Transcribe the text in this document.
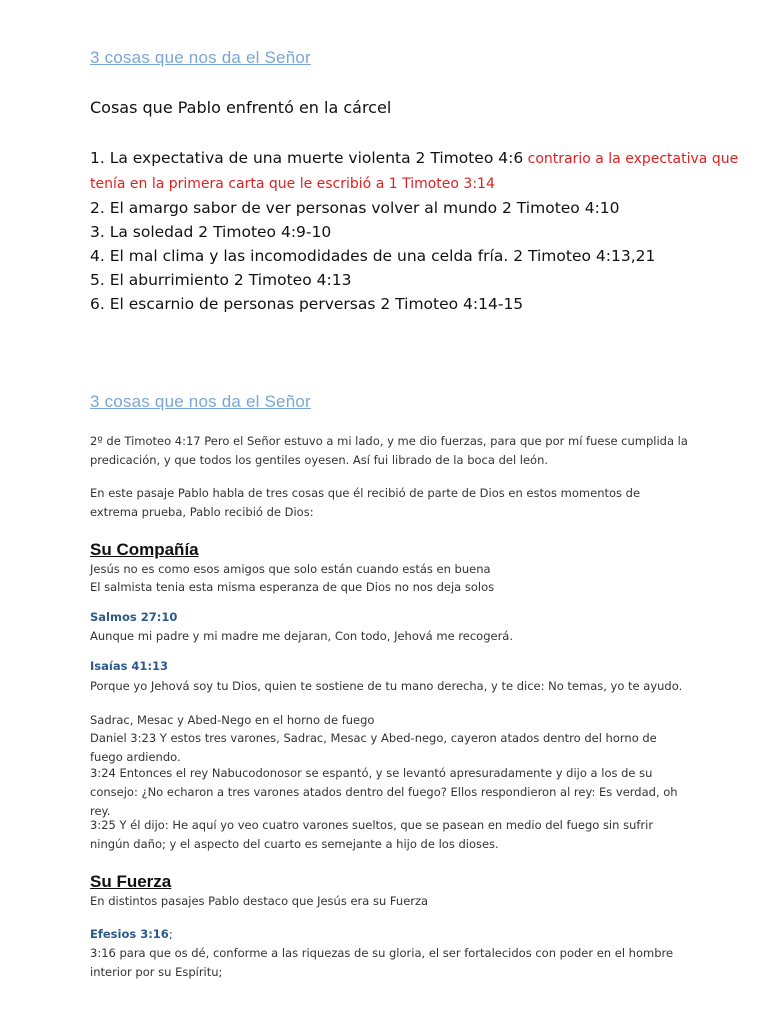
3 cosas que nos da el Señor
Cosas que Pablo enfrentó en la cárcel
1. La expectativa de una muerte violenta 2 Timoteo 4:6 contrario a la expectativa que tenía en la primera carta que le escribió a 1 Timoteo 3:14
2. El amargo sabor de ver personas volver al mundo 2 Timoteo 4:10
3. La soledad 2 Timoteo 4:9-10
4. El mal clima y las incomodidades de una celda fría. 2 Timoteo 4:13,21
5. El aburrimiento 2 Timoteo 4:13
6. El escarnio de personas perversas 2 Timoteo 4:14-15
3 cosas que nos da el Señor
2º de Timoteo 4:17 Pero el Señor estuvo a mi lado, y me dio fuerzas, para que por mí fuese cumplida la predicación, y que todos los gentiles oyesen. Así fui librado de la boca del león.
En este pasaje Pablo habla de tres cosas que él recibió de parte de Dios en estos momentos de extrema prueba, Pablo recibió de Dios:
Su Compañía
Jesús no es como esos amigos que solo están cuando estás en buena
El salmista tenia esta misma esperanza de que Dios no nos deja solos
Salmos 27:10
Aunque mi padre y mi madre me dejaran, Con todo, Jehová me recogerá.
Isaías 41:13
Porque yo Jehová soy tu Dios, quien te sostiene de tu mano derecha, y te dice: No temas, yo te ayudo.
Sadrac, Mesac y Abed-Nego en el horno de fuego
Daniel 3:23 Y estos tres varones, Sadrac, Mesac y Abed-nego, cayeron atados dentro del horno de fuego ardiendo.
3:24 Entonces el rey Nabucodonosor se espantó, y se levantó apresuradamente y dijo a los de su consejo: ¿No echaron a tres varones atados dentro del fuego? Ellos respondieron al rey: Es verdad, oh rey.
3:25 Y él dijo: He aquí yo veo cuatro varones sueltos, que se pasean en medio del fuego sin sufrir ningún daño; y el aspecto del cuarto es semejante a hijo de los dioses.
Su Fuerza
En distintos pasajes Pablo destaco que Jesús era su Fuerza
Efesios 3:16;
3:16 para que os dé, conforme a las riquezas de su gloria, el ser fortalecidos con poder en el hombre interior por su Espíritu;
